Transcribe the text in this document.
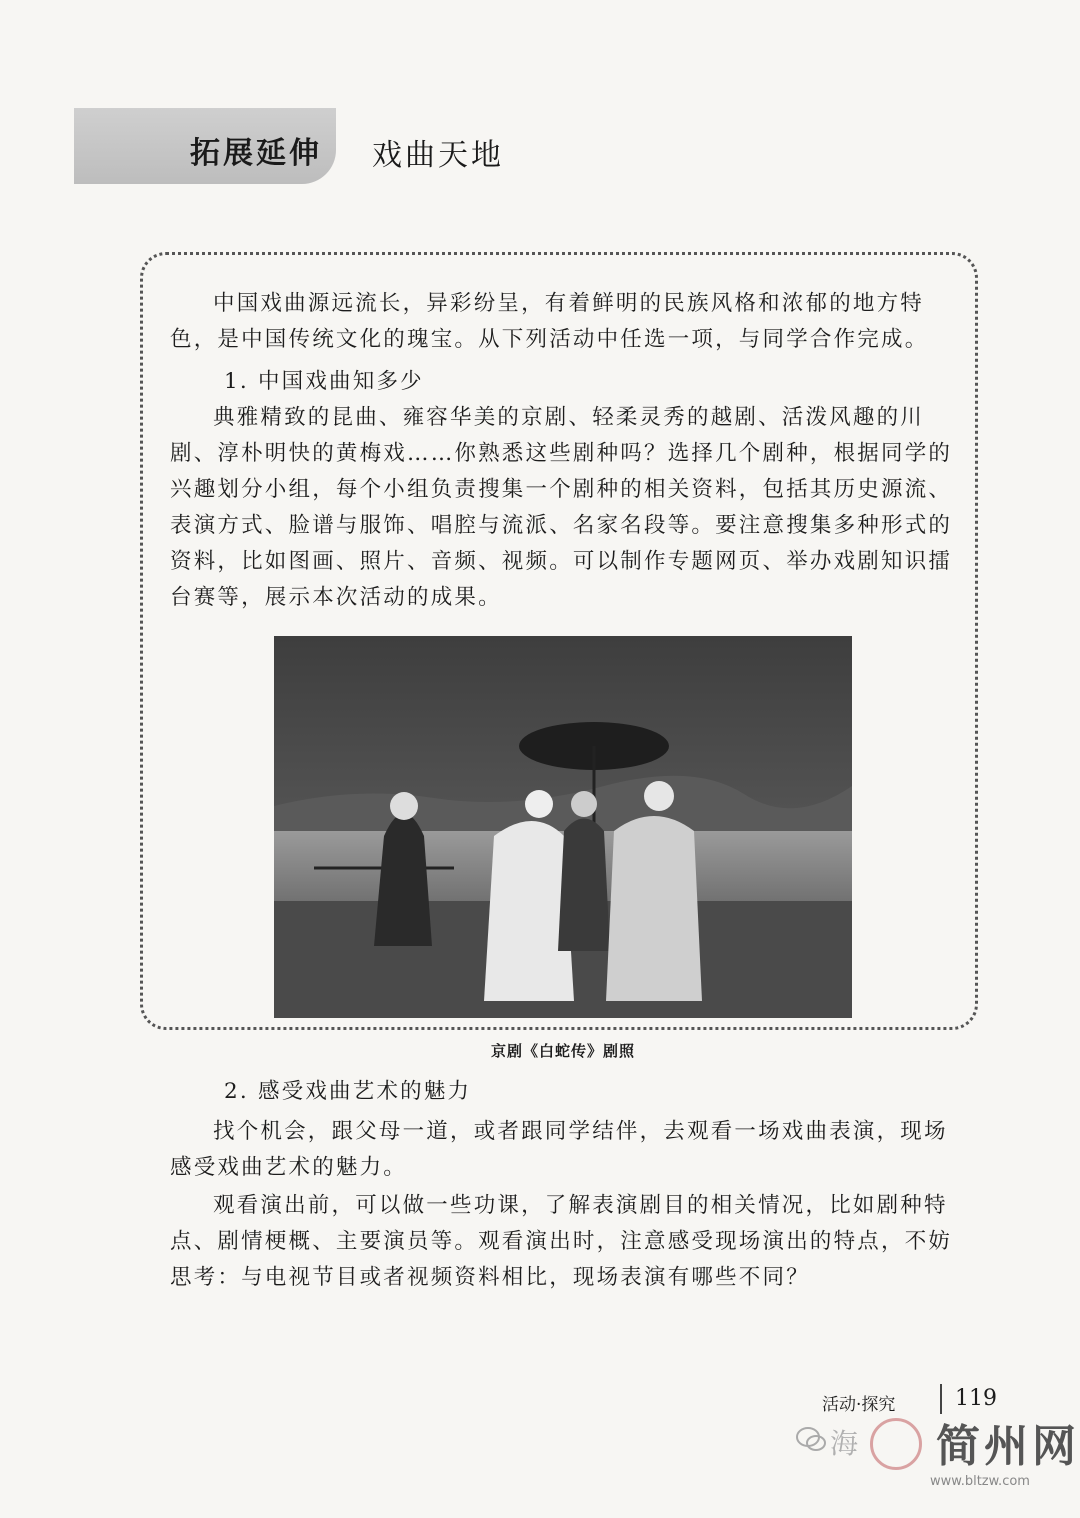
拓展延伸 戏曲天地
中国戏曲源远流长，异彩纷呈，有着鲜明的民族风格和浓郁的地方特色，是中国传统文化的瑰宝。从下列活动中任选一项，与同学合作完成。
1. 中国戏曲知多少
典雅精致的昆曲、雍容华美的京剧、轻柔灵秀的越剧、活泼风趣的川剧、淳朴明快的黄梅戏……你熟悉这些剧种吗？选择几个剧种，根据同学的兴趣划分小组，每个小组负责搜集一个剧种的相关资料，包括其历史源流、表演方式、脸谱与服饰、唱腔与流派、名家名段等。要注意搜集多种形式的资料，比如图画、照片、音频、视频。可以制作专题网页、举办戏剧知识擂台赛等，展示本次活动的成果。
京剧《白蛇传》剧照
2. 感受戏曲艺术的魅力
找个机会，跟父母一道，或者跟同学结伴，去观看一场戏曲表演，现场感受戏曲艺术的魅力。
观看演出前，可以做一些功课，了解表演剧目的相关情况，比如剧种特点、剧情梗概、主要演员等。观看演出时，注意感受现场演出的特点，不妨思考：与电视节目或者视频资料相比，现场表演有哪些不同？
活动·探究	119
海 简州网
www.bltzw.com
